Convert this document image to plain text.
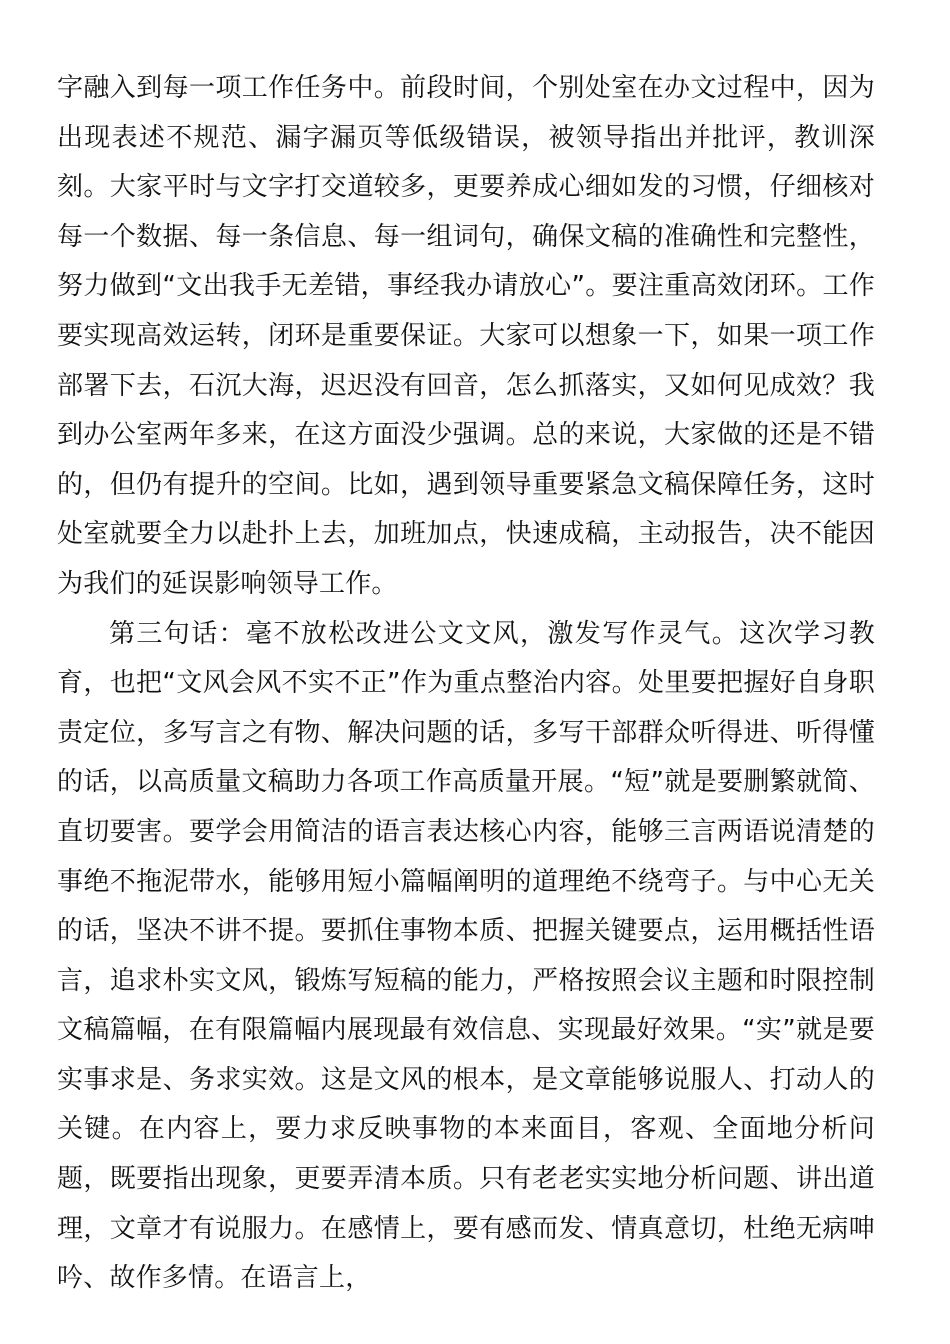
字融入到每一项工作任务中。前段时间，个别处室在办文过程中，因为出现表述不规范、漏字漏页等低级错误，被领导指出并批评，教训深刻。大家平时与文字打交道较多，更要养成心细如发的习惯，仔细核对每一个数据、每一条信息、每一组词句，确保文稿的准确性和完整性，努力做到“文出我手无差错，事经我办请放心”。要注重高效闭环。工作要实现高效运转，闭环是重要保证。大家可以想象一下，如果一项工作部署下去，石沉大海，迟迟没有回音，怎么抓落实，又如何见成效？我到办公室两年多来，在这方面没少强调。总的来说，大家做的还是不错的，但仍有提升的空间。比如，遇到领导重要紧急文稿保障任务，这时处室就要全力以赴扑上去，加班加点，快速成稿，主动报告，决不能因为我们的延误影响领导工作。

第三句话：毫不放松改进公文文风，激发写作灵气。这次学习教育，也把“文风会风不实不正”作为重点整治内容。处里要把握好自身职责定位，多写言之有物、解决问题的话，多写干部群众听得进、听得懂的话，以高质量文稿助力各项工作高质量开展。“短”就是要删繁就简、直切要害。要学会用简洁的语言表达核心内容，能够三言两语说清楚的事绝不拖泥带水，能够用短小篇幅阐明的道理绝不绕弯子。与中心无关的话，坚决不讲不提。要抓住事物本质、把握关键要点，运用概括性语言，追求朴实文风，锻炼写短稿的能力，严格按照会议主题和时限控制文稿篇幅，在有限篇幅内展现最有效信息、实现最好效果。“实”就是要实事求是、务求实效。这是文风的根本，是文章能够说服人、打动人的关键。在内容上，要力求反映事物的本来面目，客观、全面地分析问题，既要指出现象，更要弄清本质。只有老老实实地分析问题、讲出道理，文章才有说服力。在感情上，要有感而发、情真意切，杜绝无病呻吟、故作多情。在语言上，
